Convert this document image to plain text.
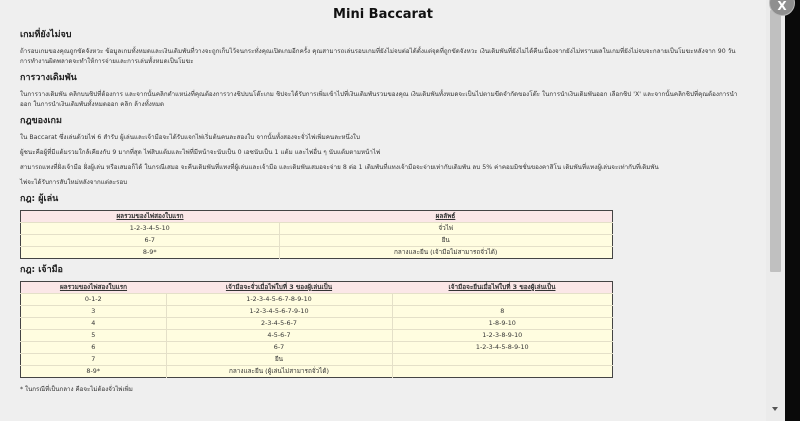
Mini Baccarat
เกมที่ยังไม่จบ

ถ้ารอบเกมของคุณถูกขัดจังหวะ ข้อมูลเกมทั้งหมดและเงินเดิมพันที่วางจะถูกเก็บไว้จนกระทั่งคุณเปิดเกมอีกครั้ง คุณสามารถเล่นรอบเกมที่ยังไม่จบต่อได้ตั้งแต่จุดที่ถูกขัดจังหวะ เงินเดิมพันที่ยังไม่ได้คืนเนื่องจากยังไม่ทราบผลในเกมที่ยังไม่จบจะกลายเป็นโมฆะหลังจาก 90 วัน การทำงานผิดพลาดจะทำให้การจ่ายและการเล่นทั้งหมดเป็นโมฆะ

การวางเดิมพัน

ในการวางเดิมพัน คลิกบนชิปที่ต้องการ และจากนั้นคลิกตำแหน่งที่คุณต้องการวางชิปบนโต๊ะเกม ชิปจะได้รับการเพิ่มเข้าไปที่เงินเดิมพันรวมของคุณ เงินเดิมพันทั้งหมดจะเป็นไปตามขีดจำกัดของโต๊ะ ในการนำเงินเดิมพันออก เลือกชิป 'X' และจากนั้นคลิกชิปที่คุณต้องการนำออก ในการนำเงินเดิมพันทั้งหมดออก คลิก ล้างทั้งหมด

กฎของเกม

ใน Baccarat ซึ่งเล่นด้วยไพ่ 6 สำรับ ผู้เล่นและเจ้ามือจะได้รับแจกไพ่เริ่มต้นคนละสองใบ จากนั้นทั้งสองจะจั่วไพ่เพิ่มคนละหนึ่งใบ

ผู้ชนะคือผู้ที่มีแต้มรวมใกล้เคียงกับ 9 มากที่สุด ไพ่สิบแต้มและไพ่ที่มีหน้าจะนับเป็น 0 เอซนับเป็น 1 แต้ม และไพ่อื่น ๆ นับแต้มตามหน้าไพ่

สามารถแทงที่ฝั่งเจ้ามือ ฝั่งผู้เล่น หรือเสมอก็ได้ ในกรณีเสมอ จะคืนเดิมพันที่แทงที่ผู้เล่นและเจ้ามือ และเดิมพันเสมอจะจ่าย 8 ต่อ 1 เดิมพันที่แทงเจ้ามือจะจ่ายเท่ากับเดิมพัน ลบ 5% ค่าคอมมิชชั่นของคาสิโน เดิมพันที่แทงผู้เล่นจะเท่ากับที่เดิมพัน

ไพ่จะได้รับการสับใหม่หลังจากแต่ละรอบ

กฎ: ผู้เล่น
ผลรวมของไพ่สองใบแรก	ผลลัพธ์
1-2-3-4-5-10	จั่วไพ่
6-7	ยืน
8-9*	กลางและยืน (เจ้ามือไม่สามารถจั่วได้)
กฎ: เจ้ามือ
ผลรวมของไพ่สองใบแรก	เจ้ามือจะจั่วเมื่อไพ่ใบที่ 3 ของผู้เล่นเป็น	เจ้ามือจะยืนเมื่อไพ่ใบที่ 3 ของผู้เล่นเป็น
0-1-2	1-2-3-4-5-6-7-8-9-10	
3	1-2-3-4-5-6-7-9-10	8
4	2-3-4-5-6-7	1-8-9-10
5	4-5-6-7	1-2-3-8-9-10
6	6-7	1-2-3-4-5-8-9-10
7	ยืน	
8-9*	กลางและยืน (ผู้เล่นไม่สามารถจั่วได้)	
* ในกรณีที่เป็นกลาง คือจะไม่ต้องจั่วไพ่เพิ่ม
X
